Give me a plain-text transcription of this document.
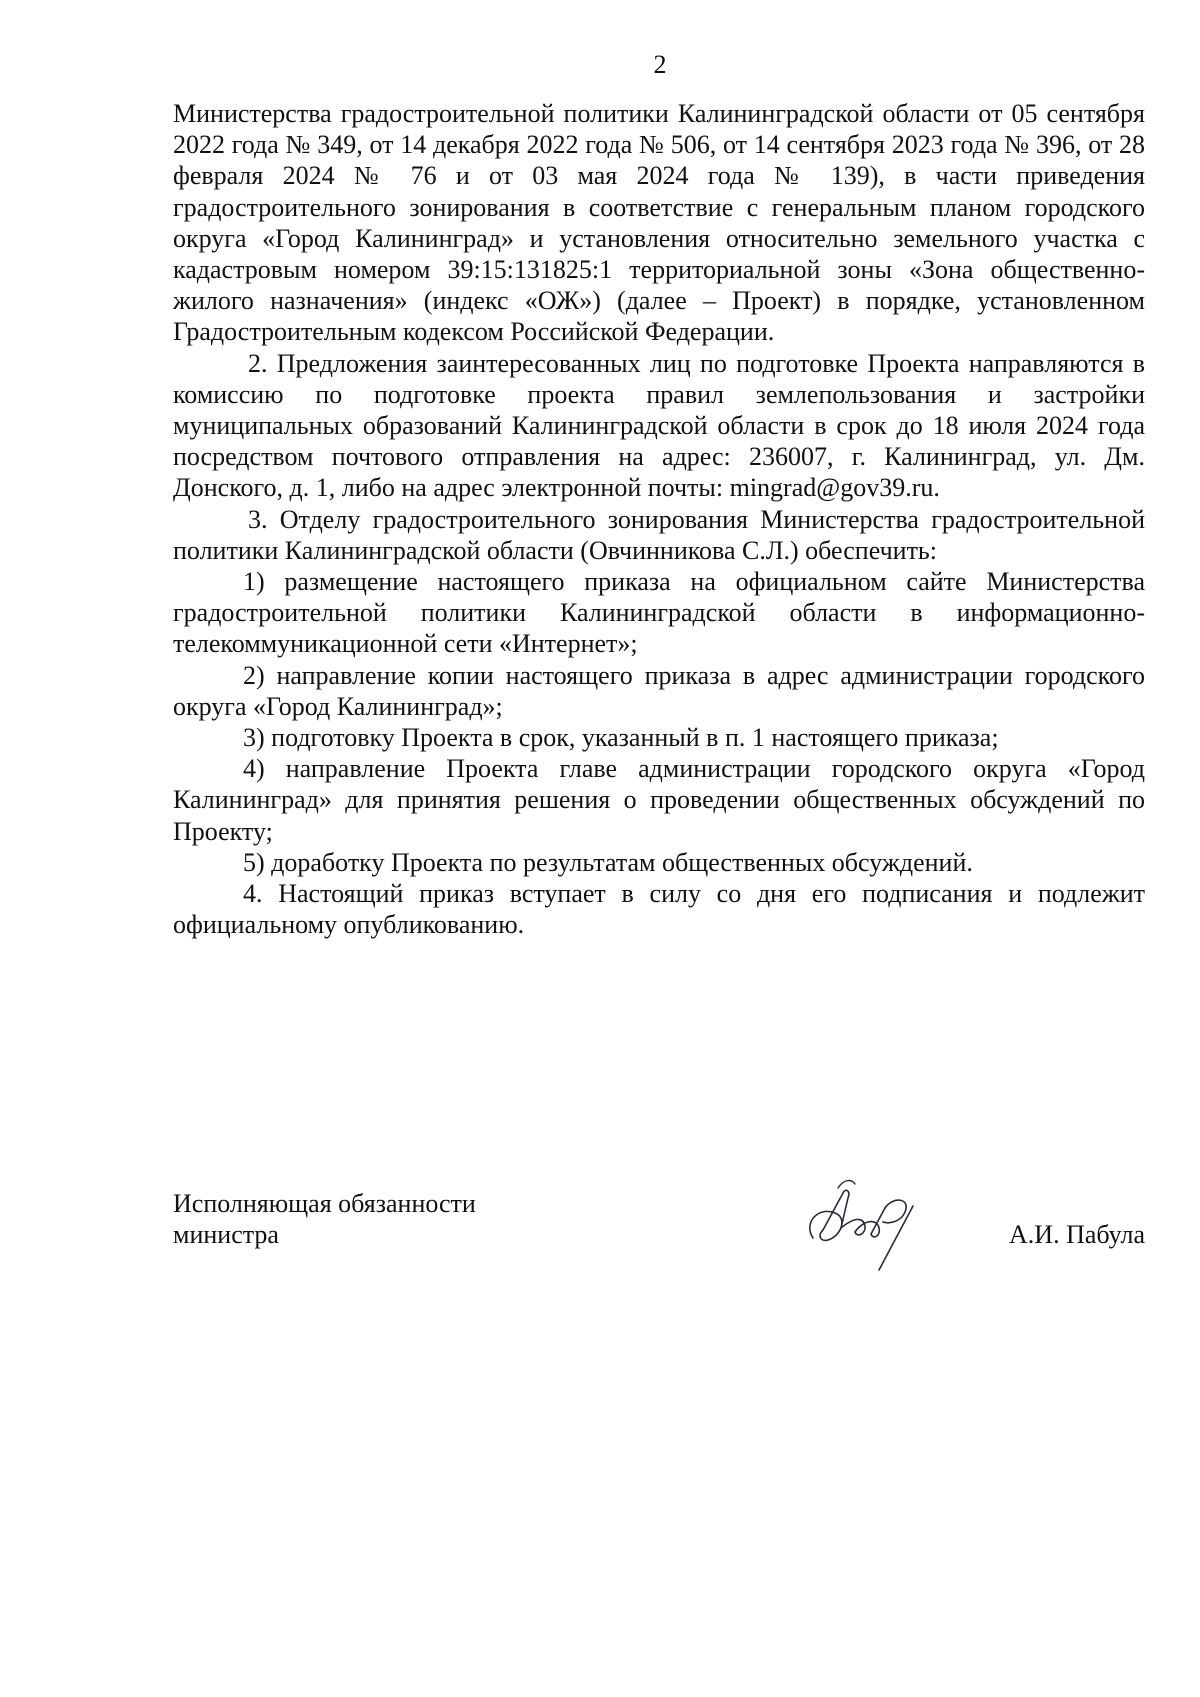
2

Министерства градостроительной политики Калининградской области от 05 сентября 2022 года № 349, от 14 декабря 2022 года № 506, от 14 сентября 2023 года № 396, от 28 февраля 2024 № 76 и от 03 мая 2024 года № 139), в части приведения градостроительного зонирования в соответствие с генеральным планом городского округа «Город Калининград» и установления относительно земельного участка с кадастровым номером 39:15:131825:1 территориальной зоны «Зона общественно-жилого назначения» (индекс «ОЖ») (далее – Проект) в порядке, установленном Градостроительным кодексом Российской Федерации.

2. Предложения заинтересованных лиц по подготовке Проекта направляются в комиссию по подготовке проекта правил землепользования и застройки муниципальных образований Калининградской области в срок до 18 июля 2024 года посредством почтового отправления на адрес: 236007, г. Калининград, ул. Дм. Донского, д. 1, либо на адрес электронной почты: mingrad@gov39.ru.

3. Отделу градостроительного зонирования Министерства градостроительной политики Калининградской области (Овчинникова С.Л.) обеспечить:

1) размещение настоящего приказа на официальном сайте Министерства градостроительной политики Калининградской области в информационно-телекоммуникационной сети «Интернет»;

2) направление копии настоящего приказа в адрес администрации городского округа «Город Калининград»;

3) подготовку Проекта в срок, указанный в п. 1 настоящего приказа;

4) направление Проекта главе администрации городского округа «Город Калининград» для принятия решения о проведении общественных обсуждений по Проекту;

5) доработку Проекта по результатам общественных обсуждений.

4. Настоящий приказ вступает в силу со дня его подписания и подлежит официальному опубликованию.

Исполняющая обязанности
министра	А.И. Пабула
